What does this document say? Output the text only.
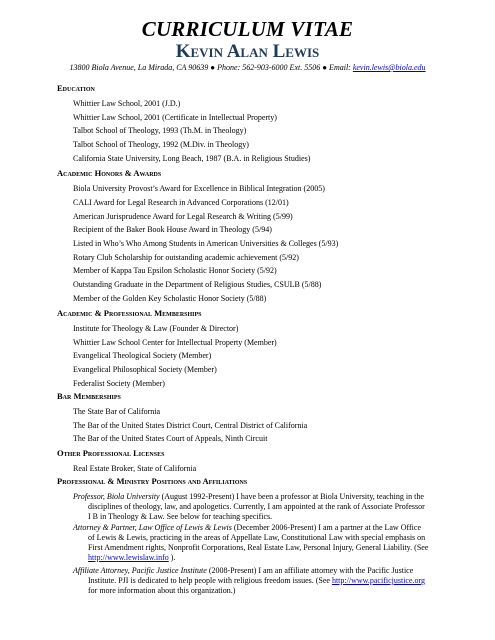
CURRICULUM VITAE
Kevin Alan Lewis
13800 Biola Avenue, La Mirada, CA 90639 ● Phone: 562-903-6000 Ext. 5506 ● Email: kevin.lewis@biola.edu
Education
Whittier Law School, 2001 (J.D.)
Whittier Law School, 2001 (Certificate in Intellectual Property)
Talbot School of Theology, 1993 (Th.M. in Theology)
Talbot School of Theology, 1992 (M.Div. in Theology)
California State University, Long Beach, 1987 (B.A. in Religious Studies)
Academic Honors & Awards
Biola University Provost’s Award for Excellence in Biblical Integration (2005)
CALI Award for Legal Research in Advanced Corporations (12/01)
American Jurisprudence Award for Legal Research & Writing (5/99)
Recipient of the Baker Book House Award in Theology (5/94)
Listed in Who’s Who Among Students in American Universities & Colleges (5/93)
Rotary Club Scholarship for outstanding academic achievement (5/92)
Member of Kappa Tau Epsilon Scholastic Honor Society (5/92)
Outstanding Graduate in the Department of Religious Studies, CSULB (5/88)
Member of the Golden Key Scholastic Honor Society (5/88)
Academic & Professional Memberships
Institute for Theology & Law (Founder & Director)
Whittier Law School Center for Intellectual Property (Member)
Evangelical Theological Society (Member)
Evangelical Philosophical Society (Member)
Federalist Society (Member)
Bar Memberships
The State Bar of California
The Bar of the United States District Court, Central District of California
The Bar of the United States Court of Appeals, Ninth Circuit
Other Professional Licenses
Real Estate Broker, State of California
Professional & Ministry Positions and Affiliations
Professor, Biola University (August 1992-Present) I have been a professor at Biola University, teaching in the
disciplines of theology, law, and apologetics. Currently, I am appointed at the rank of Associate Professor
I B in Theology & Law. See below for teaching specifics.
Attorney & Partner, Law Office of Lewis & Lewis (December 2006-Present) I am a partner at the Law Office
of Lewis & Lewis, practicing in the areas of Appellate Law, Constitutional Law with special emphasis on
First Amendment rights, Nonprofit Corporations, Real Estate Law, Personal Injury, General Liability. (See
http://www.lewislaw.info ).
Affiliate Attorney, Pacific Justice Institute (2008-Present) I am an affiliate attorney with the Pacific Justice
Institute. PJI is dedicated to help people with religious freedom issues. (See http://www.pacificjustice.org
for more information about this organization.)
